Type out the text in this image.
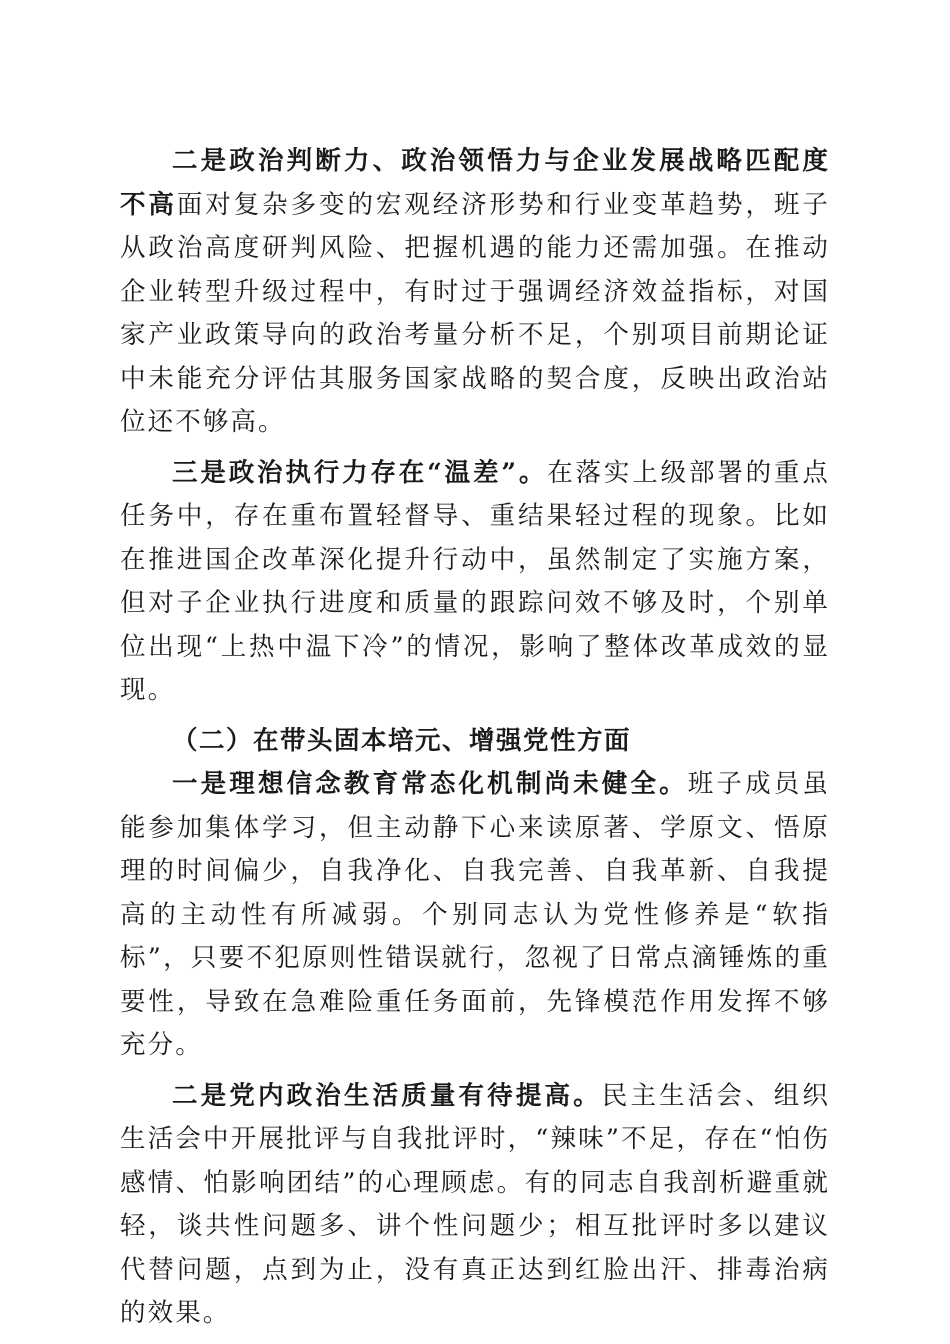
二是政治判断力、政治领悟力与企业发展战略匹配度不高面对复杂多变的宏观经济形势和行业变革趋势，班子从政治高度研判风险、把握机遇的能力还需加强。在推动企业转型升级过程中，有时过于强调经济效益指标，对国家产业政策导向的政治考量分析不足，个别项目前期论证中未能充分评估其服务国家战略的契合度，反映出政治站位还不够高。

三是政治执行力存在“温差”。在落实上级部署的重点任务中，存在重布置轻督导、重结果轻过程的现象。比如在推进国企改革深化提升行动中，虽然制定了实施方案，但对子企业执行进度和质量的跟踪问效不够及时，个别单位出现“上热中温下冷”的情况，影响了整体改革成效的显现。

（二）在带头固本培元、增强党性方面

一是理想信念教育常态化机制尚未健全。班子成员虽能参加集体学习，但主动静下心来读原著、学原文、悟原理的时间偏少，自我净化、自我完善、自我革新、自我提高的主动性有所减弱。个别同志认为党性修养是“软指标”，只要不犯原则性错误就行，忽视了日常点滴锤炼的重要性，导致在急难险重任务面前，先锋模范作用发挥不够充分。

二是党内政治生活质量有待提高。民主生活会、组织生活会中开展批评与自我批评时，“辣味”不足，存在“怕伤感情、怕影响团结”的心理顾虑。有的同志自我剖析避重就轻，谈共性问题多、讲个性问题少；相互批评时多以建议代替问题，点到为止，没有真正达到红脸出汗、排毒治病的效果。
